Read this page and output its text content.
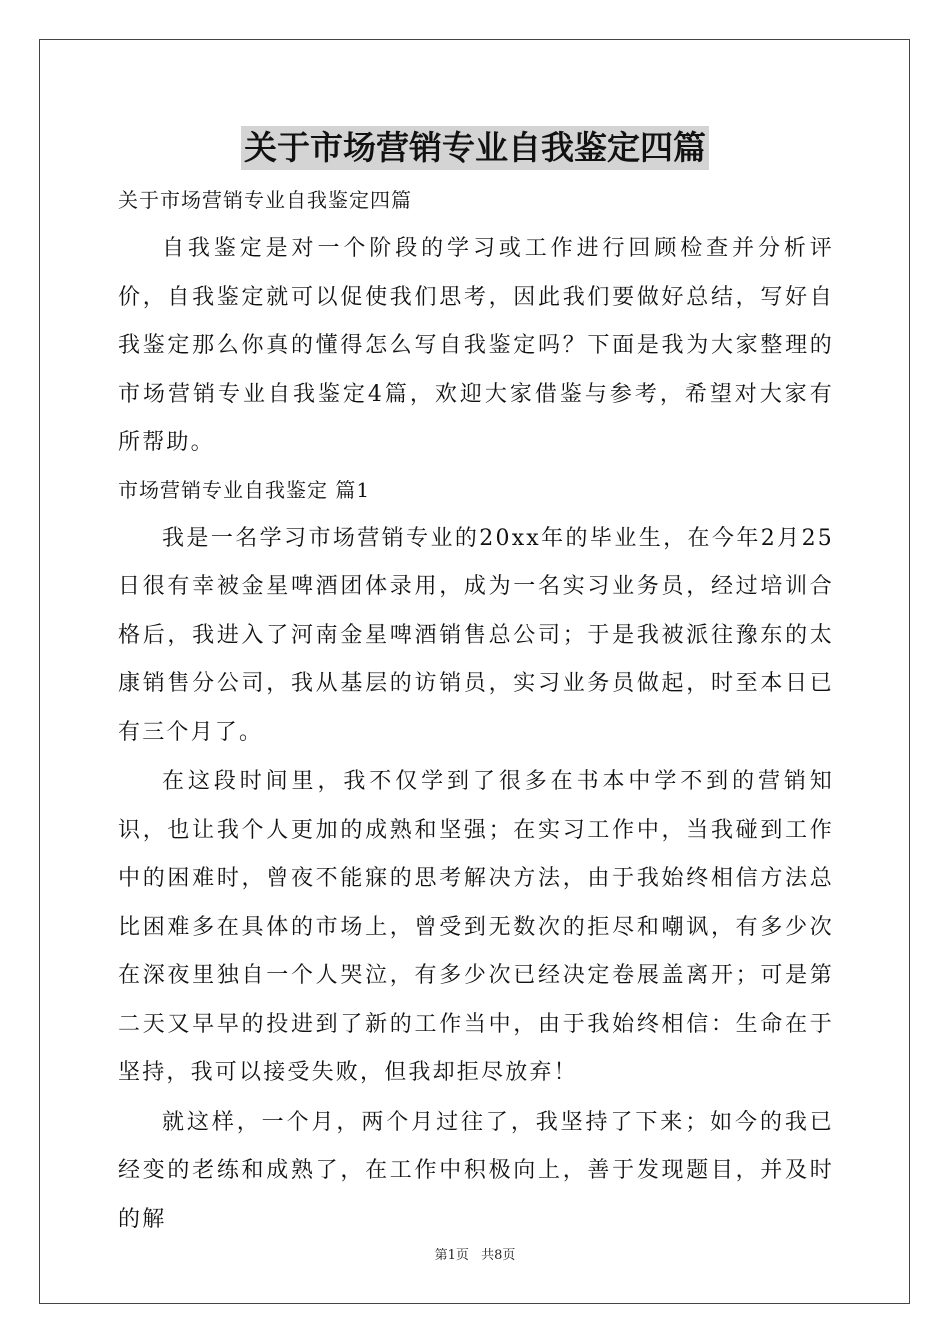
关于市场营销专业自我鉴定四篇
关于市场营销专业自我鉴定四篇
自我鉴定是对一个阶段的学习或工作进行回顾检查并分析评价，自我鉴定就可以促使我们思考，因此我们要做好总结，写好自我鉴定那么你真的懂得怎么写自我鉴定吗？下面是我为大家整理的市场营销专业自我鉴定4篇，欢迎大家借鉴与参考，希望对大家有所帮助。
市场营销专业自我鉴定 篇1
我是一名学习市场营销专业的20xx年的毕业生，在今年2月25日很有幸被金星啤酒团体录用，成为一名实习业务员，经过培训合格后，我进入了河南金星啤酒销售总公司；于是我被派往豫东的太康销售分公司，我从基层的访销员，实习业务员做起，时至本日已有三个月了。
在这段时间里，我不仅学到了很多在书本中学不到的营销知识，也让我个人更加的成熟和坚强；在实习工作中，当我碰到工作中的困难时，曾夜不能寐的思考解决方法，由于我始终相信方法总比困难多在具体的市场上，曾受到无数次的拒尽和嘲讽，有多少次在深夜里独自一个人哭泣，有多少次已经决定卷展盖离开；可是第二天又早早的投进到了新的工作当中，由于我始终相信：生命在于坚持，我可以接受失败，但我却拒尽放弃！
就这样，一个月，两个月过往了，我坚持了下来；如今的我已经变的老练和成熟了，在工作中积极向上，善于发现题目，并及时的解
第1页 共8页
